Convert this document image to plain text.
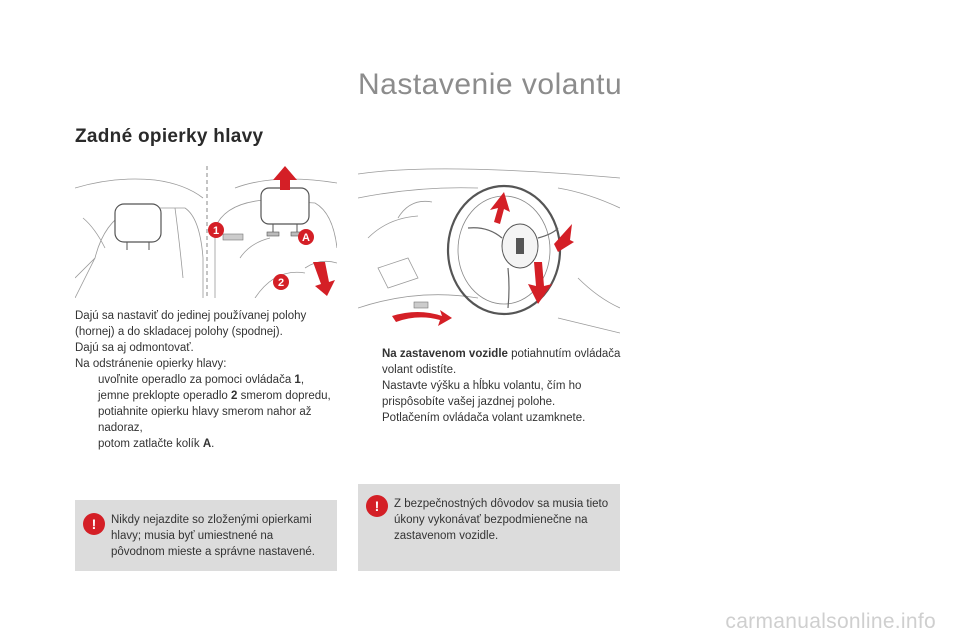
Nastavenie volantu
Zadné opierky hlavy
1
A
2

Dajú sa nastaviť do jedinej používanej polohy (hornej) a do skladacej polohy (spodnej).

Dajú sa aj odmontovať.

Na odstránenie opierky hlavy:

uvoľnite operadlo za pomoci ovládača 1,
jemne preklopte operadlo 2 smerom dopredu,
potiahnite opierku hlavy smerom nahor až nadoraz,
potom zatlačte kolík A.
Na zastavenom vozidle potiahnutím ovládača volant odistíte.
Nastavte výšku a hĺbku volantu, čím ho prispôsobíte vašej jazdnej polohe.
Potlačením ovládača volant uzamknete.
!	Nikdy nejazdite so zloženými opierkami hlavy; musia byť umiestnené na pôvodnom mieste a správne nastavené.
!	Z bezpečnostných dôvodov sa musia tieto úkony vykonávať bezpodmienečne na zastavenom vozidle.
carmanualsonline.info
